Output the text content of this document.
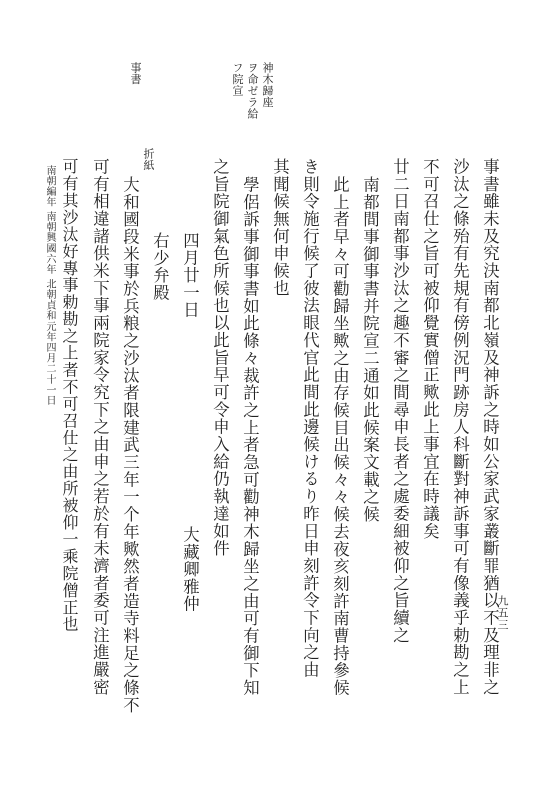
九五三
神木歸座
ヲ命ゼラ給
フ院宣
事書
南朝編年 南朝興國六年 北朝貞和元年四月二十一日
折紙	事書雖未及究決南都北嶺及神訴之時如公家武家叢斷罪猶以不及理非之
沙汰之條殆有先規有傍例況門跡房人科斷對神訴事可有像義乎勅勘之上
不可召仕之旨可被仰覺實僧正歟此上事宜在時議矣
廿二日南都事沙汰之趣不審之間尋申長者之處委細被仰之旨續之
南都間事御事書并院宣二通如此候案文載之候
此上者早々可勸歸坐歟之由存候目出候々々候去夜亥刻許南曹持參候
き則令施行候了彼法眼代官此間此邊候けるり昨日申刻許令下向之由
其聞候無何申候也
學侶訴事御事書如此條々裁許之上者急可勸神木歸坐之由可有御下知
之旨院御氣色所候也以此旨早可令申入給仍執達如件
四月廿一日　　　　　　　　　　　　大藏卿雅仲
右少弁殿
大和國段米事於兵粮之沙汰者限建武三年一个年歟然者造寺料足之條不
可有相違諸供米下事兩院家令究下之由申之若於有未濟者委可注進嚴密
可有其沙汰好專事勅勘之上者不可召仕之由所被仰一乘院僧正也
